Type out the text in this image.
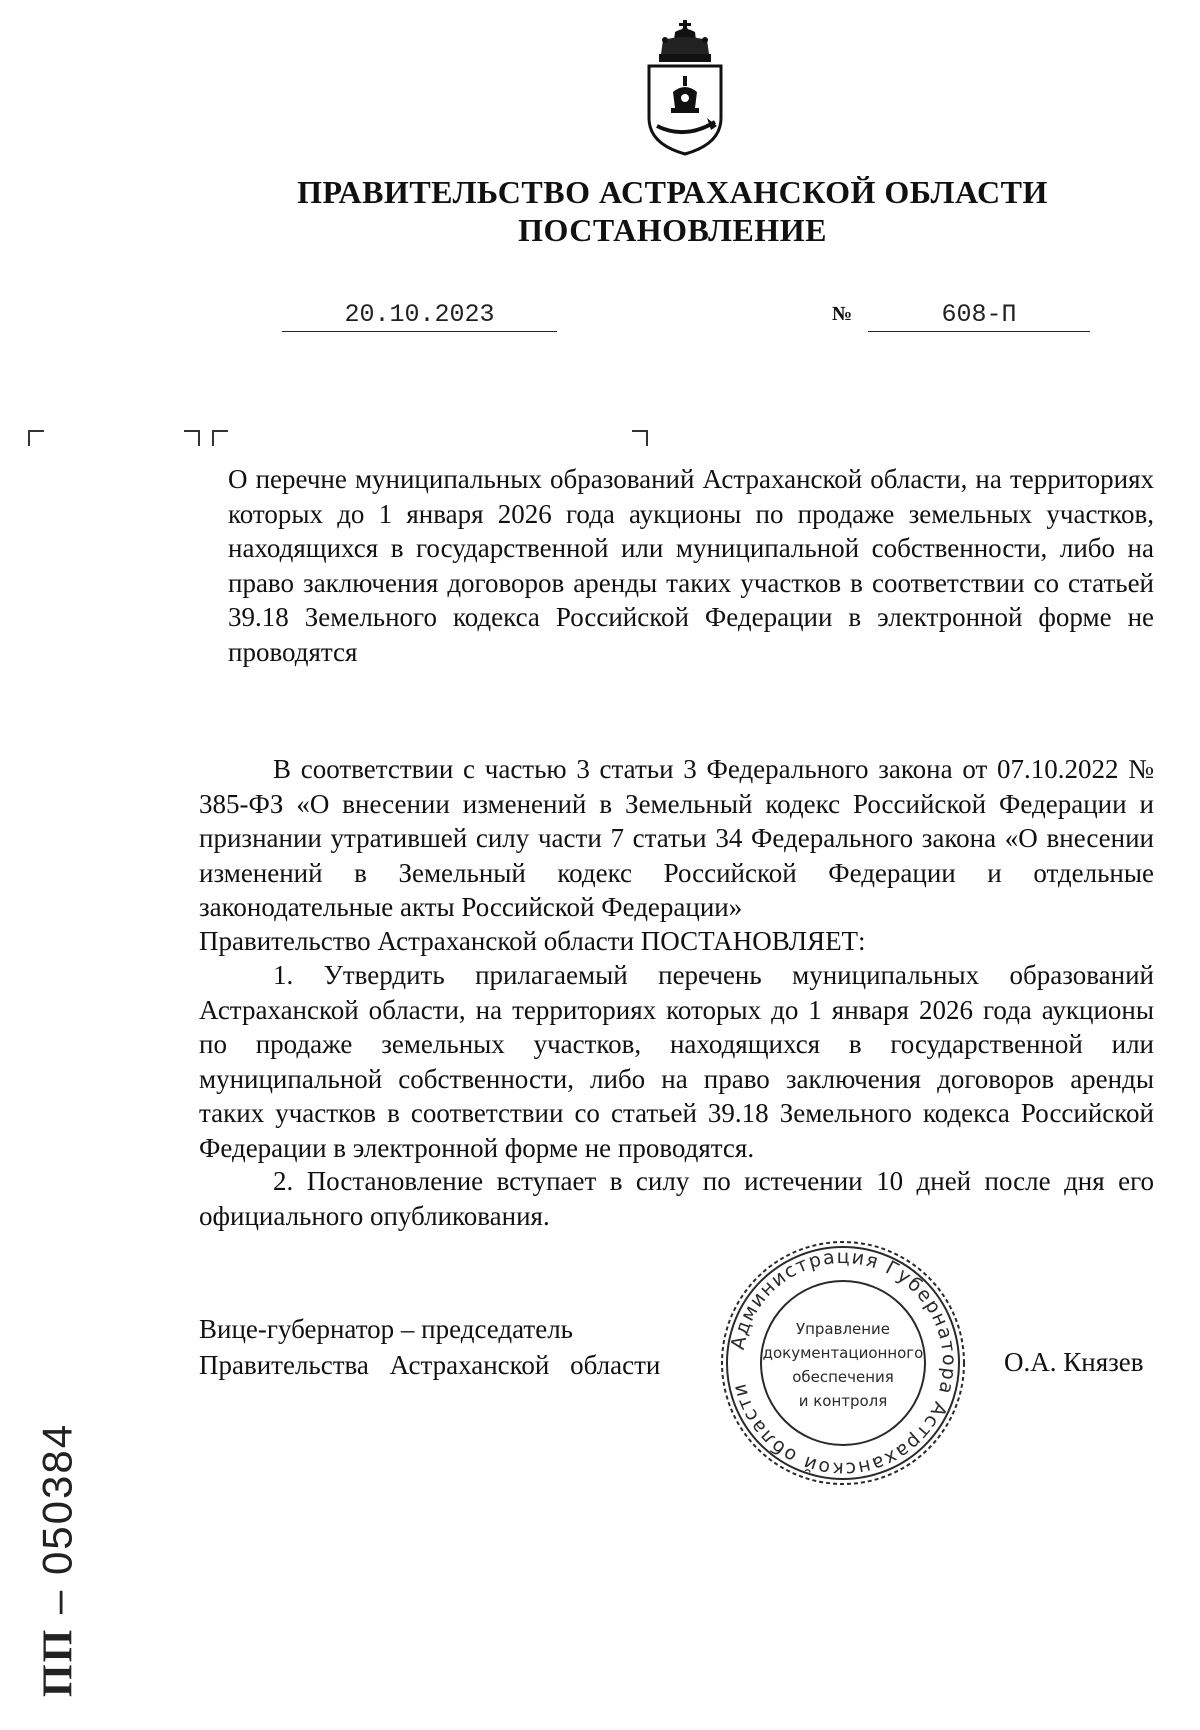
ПРАВИТЕЛЬСТВО АСТРАХАНСКОЙ ОБЛАСТИ
ПОСТАНОВЛЕНИЕ
20.10.2023	№	608-П
О перечне муниципальных образований Астраханской области, на территориях которых до 1 января 2026 года аукционы по продаже земельных участков, находящихся в государственной или муниципальной собственности, либо на право заключения договоров аренды таких участков в соответствии со статьей 39.18 Земельного кодекса Российской Федерации в электронной форме не проводятся
В соответствии с частью 3 статьи 3 Федерального закона от 07.10.2022 № 385-ФЗ «О внесении изменений в Земельный кодекс Российской Федерации и признании утратившей силу части 7 статьи 34 Федерального закона «О внесении изменений в Земельный кодекс Российской Федерации и отдельные законодательные акты Российской Федерации»
Правительство Астраханской области ПОСТАНОВЛЯЕТ:
1. Утвердить прилагаемый перечень муниципальных образований Астраханской области, на территориях которых до 1 января 2026 года аукционы по продаже земельных участков, находящихся в государственной или муниципальной собственности, либо на право заключения договоров аренды таких участков в соответствии со статьей 39.18 Земельного кодекса Российской Федерации в электронной форме не проводятся.
2. Постановление вступает в силу по истечении 10 дней после дня его официального опубликования.
Вице-губернатор – председатель
Правительства Астраханской области	О.А. Князев
Администрация Губернатора Астраханской области
Управление
документационного
обеспечения
и контроля
ПП – 050384
